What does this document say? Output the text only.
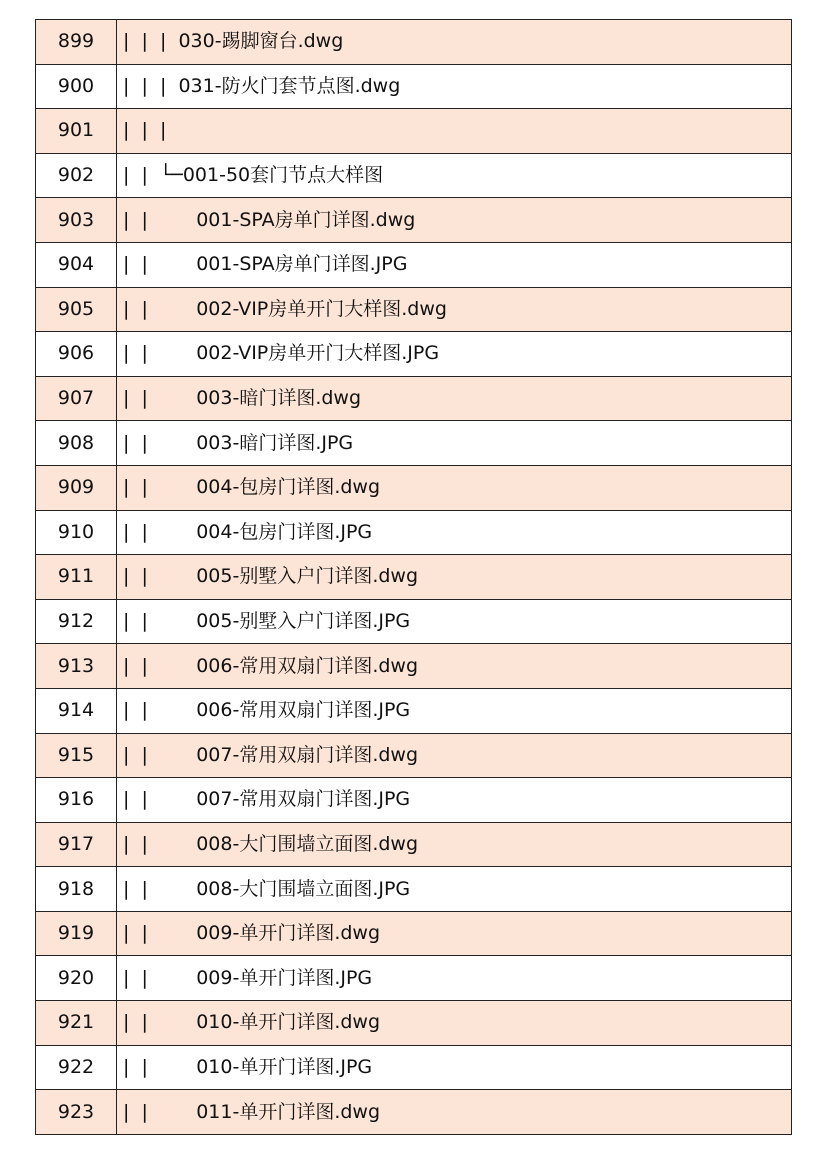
899	|  |  |  030-踢脚窗台.dwg
900	|  |  |  031-防火门套节点图.dwg
901	|  |  |
902	|  |  └─001-50套门节点大样图
903	|  |        001-SPA房单门详图.dwg
904	|  |        001-SPA房单门详图.JPG
905	|  |        002-VIP房单开门大样图.dwg
906	|  |        002-VIP房单开门大样图.JPG
907	|  |        003-暗门详图.dwg
908	|  |        003-暗门详图.JPG
909	|  |        004-包房门详图.dwg
910	|  |        004-包房门详图.JPG
911	|  |        005-别墅入户门详图.dwg
912	|  |        005-别墅入户门详图.JPG
913	|  |        006-常用双扇门详图.dwg
914	|  |        006-常用双扇门详图.JPG
915	|  |        007-常用双扇门详图.dwg
916	|  |        007-常用双扇门详图.JPG
917	|  |        008-大门围墙立面图.dwg
918	|  |        008-大门围墙立面图.JPG
919	|  |        009-单开门详图.dwg
920	|  |        009-单开门详图.JPG
921	|  |        010-单开门详图.dwg
922	|  |        010-单开门详图.JPG
923	|  |        011-单开门详图.dwg
